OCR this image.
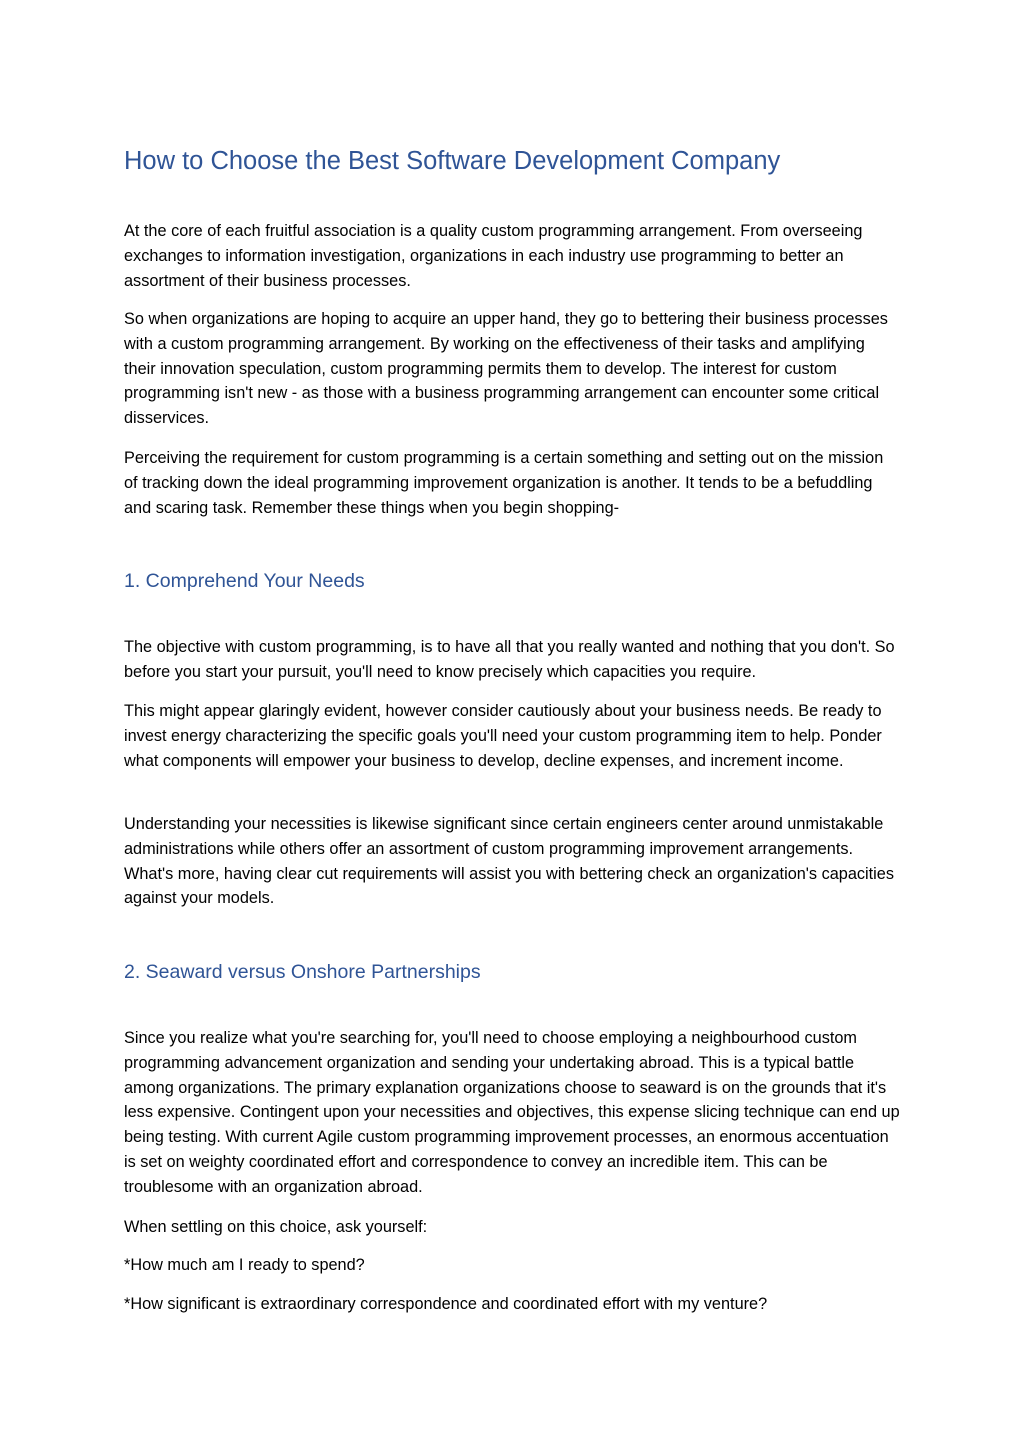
How to Choose the Best Software Development Company

At the core of each fruitful association is a quality custom programming arrangement. From overseeing exchanges to information investigation, organizations in each industry use programming to better an assortment of their business processes.

So when organizations are hoping to acquire an upper hand, they go to bettering their business processes with a custom programming arrangement. By working on the effectiveness of their tasks and amplifying their innovation speculation, custom programming permits them to develop. The interest for custom programming isn't new - as those with a business programming arrangement can encounter some critical disservices.

Perceiving the requirement for custom programming is a certain something and setting out on the mission of tracking down the ideal programming improvement organization is another. It tends to be a befuddling and scaring task. Remember these things when you begin shopping-

1. Comprehend Your Needs

The objective with custom programming, is to have all that you really wanted and nothing that you don't. So before you start your pursuit, you'll need to know precisely which capacities you require.

This might appear glaringly evident, however consider cautiously about your business needs. Be ready to invest energy characterizing the specific goals you'll need your custom programming item to help. Ponder what components will empower your business to develop, decline expenses, and increment income.

Understanding your necessities is likewise significant since certain engineers center around unmistakable administrations while others offer an assortment of custom programming improvement arrangements. What's more, having clear cut requirements will assist you with bettering check an organization's capacities against your models.

2. Seaward versus Onshore Partnerships

Since you realize what you're searching for, you'll need to choose employing a neighbourhood custom programming advancement organization and sending your undertaking abroad. This is a typical battle among organizations. The primary explanation organizations choose to seaward is on the grounds that it's less expensive. Contingent upon your necessities and objectives, this expense slicing technique can end up being testing. With current Agile custom programming improvement processes, an enormous accentuation is set on weighty coordinated effort and correspondence to convey an incredible item. This can be troublesome with an organization abroad.

When settling on this choice, ask yourself:

*How much am I ready to spend?

*How significant is extraordinary correspondence and coordinated effort with my venture?
